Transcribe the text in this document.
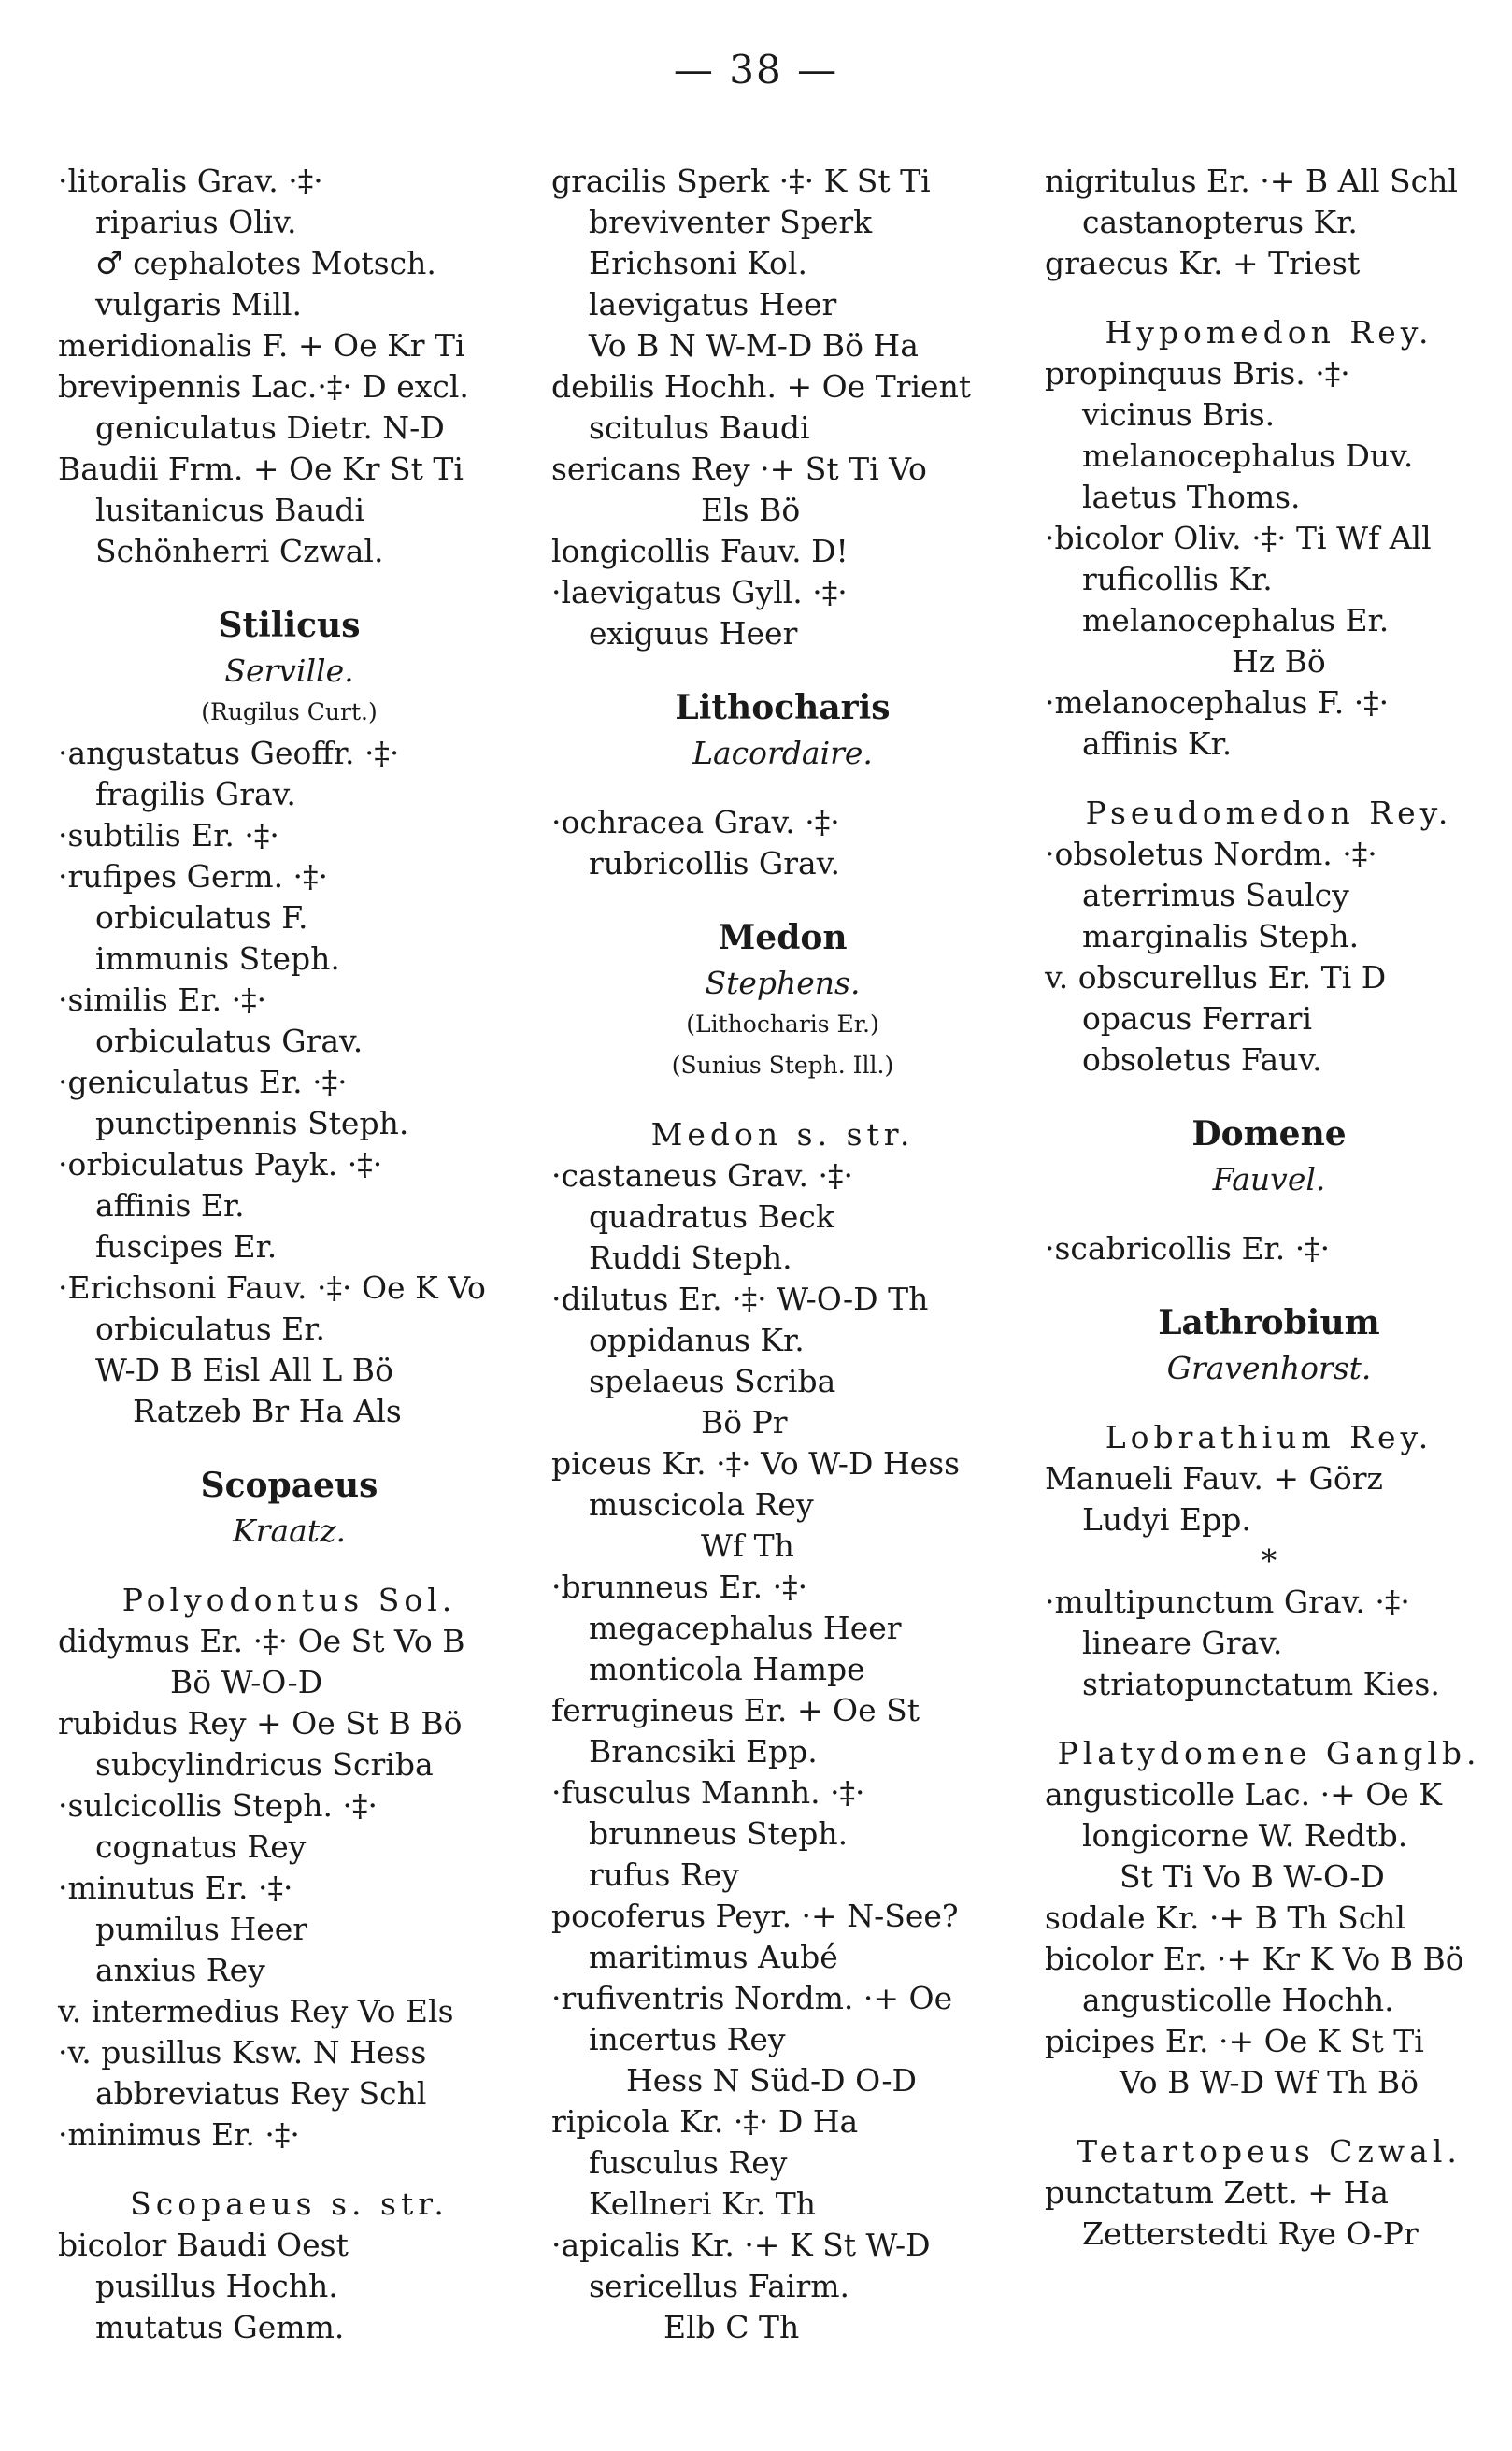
— 38 —
·litoralis Grav. ·‡·
riparius Oliv.
♂ cephalotes Motsch.
vulgaris Mill.
meridionalis F. + Oe Kr Ti
brevipennis Lac.·‡· D excl.
geniculatus Dietr. N-D
Baudii Frm. + Oe Kr St Ti
lusitanicus Baudi
Schönherri Czwal.
Stilicus
Serville.
(Rugilus Curt.)
·angustatus Geoffr. ·‡·
fragilis Grav.
·subtilis Er. ·‡·
·rufipes Germ. ·‡·
orbiculatus F.
immunis Steph.
·similis Er. ·‡·
orbiculatus Grav.
·geniculatus Er. ·‡·
punctipennis Steph.
·orbiculatus Payk. ·‡·
affinis Er.
fuscipes Er.
·Erichsoni Fauv. ·‡· Oe K Vo
orbiculatus Er.
W-D B Eisl All L Bö
Ratzeb Br Ha Als
Scopaeus
Kraatz.
Polyodontus Sol.
didymus Er. ·‡· Oe St Vo B
Bö W-O-D
rubidus Rey + Oe St B Bö
subcylindricus Scriba
·sulcicollis Steph. ·‡·
cognatus Rey
·minutus Er. ·‡·
pumilus Heer
anxius Rey
v. intermedius Rey Vo Els
·v. pusillus Ksw. N Hess
abbreviatus Rey Schl
·minimus Er. ·‡·
Scopaeus s. str.
bicolor Baudi Oest
pusillus Hochh.
mutatus Gemm.
gracilis Sperk ·‡· K St Ti
breviventer Sperk
Erichsoni Kol.
laevigatus Heer
Vo B N W-M-D Bö Ha
debilis Hochh. + Oe Trient
scitulus Baudi
sericans Rey ·+ St Ti Vo
Els Bö
longicollis Fauv. D!
·laevigatus Gyll. ·‡·
exiguus Heer
Lithocharis
Lacordaire.
·ochracea Grav. ·‡·
rubricollis Grav.
Medon
Stephens.
(Lithocharis Er.)
(Sunius Steph. Ill.)
Medon s. str.
·castaneus Grav. ·‡·
quadratus Beck
Ruddi Steph.
·dilutus Er. ·‡· W-O-D Th
oppidanus Kr.
spelaeus Scriba
Bö Pr
piceus Kr. ·‡· Vo W-D Hess
muscicola Rey
Wf Th
·brunneus Er. ·‡·
megacephalus Heer
monticola Hampe
ferrugineus Er. + Oe St
Brancsiki Epp.
·fusculus Mannh. ·‡·
brunneus Steph.
rufus Rey
pocoferus Peyr. ·+ N-See?
maritimus Aubé
·rufiventris Nordm. ·+ Oe
incertus Rey
Hess N Süd-D O-D
ripicola Kr. ·‡· D Ha
fusculus Rey
Kellneri Kr. Th
·apicalis Kr. ·+ K St W-D
sericellus Fairm.
Elb C Th
nigritulus Er. ·+ B All Schl
castanopterus Kr.
graecus Kr. + Triest
Hypomedon Rey.
propinquus Bris. ·‡·
vicinus Bris.
melanocephalus Duv.
laetus Thoms.
·bicolor Oliv. ·‡· Ti Wf All
ruficollis Kr.
melanocephalus Er.
Hz Bö
·melanocephalus F. ·‡·
affinis Kr.
Pseudomedon Rey.
·obsoletus Nordm. ·‡·
aterrimus Saulcy
marginalis Steph.
v. obscurellus Er. Ti D
opacus Ferrari
obsoletus Fauv.
Domene
Fauvel.
·scabricollis Er. ·‡·
Lathrobium
Gravenhorst.
Lobrathium Rey.
Manueli Fauv. + Görz
Ludyi Epp.
*
·multipunctum Grav. ·‡·
lineare Grav.
striatopunctatum Kies.
Platydomene Ganglb.
angusticolle Lac. ·+ Oe K
longicorne W. Redtb.
St Ti Vo B W-O-D
sodale Kr. ·+ B Th Schl
bicolor Er. ·+ Kr K Vo B Bö
angusticolle Hochh.
picipes Er. ·+ Oe K St Ti
Vo B W-D Wf Th Bö
Tetartopeus Czwal.
punctatum Zett. + Ha
Zetterstedti Rye O-Pr
